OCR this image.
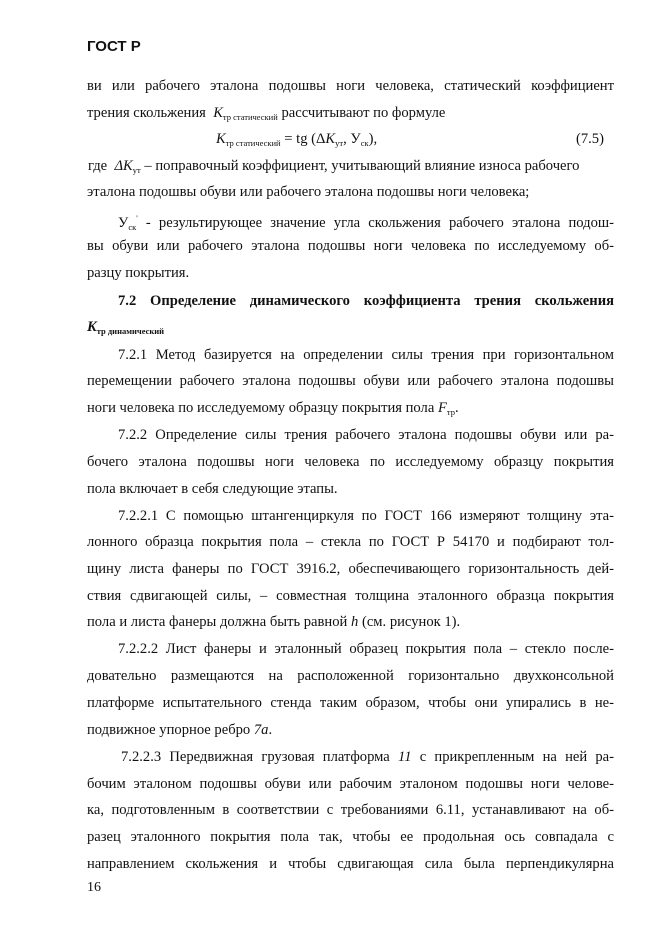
ГОСТ Р
ви или рабочего эталона подошвы ноги человека, статический коэффициент
трения скольжения $K_{тр статический}$ рассчитывают по формуле
$K_{тр статический}$ = tg ($\Delta K_{ут}$, $У_{ск}$),	(7.5)
где $\Delta K_{ут}$ – поправочный коэффициент, учитывающий влияние износа рабочего
эталона подошвы обуви или рабочего эталона подошвы ноги человека;
$У_{ск}'$ - результирующее значение угла скольжения рабочего эталона подош-
вы обуви или рабочего эталона подошвы ноги человека по исследуемому об-
разцу покрытия.
7.2 Определение динамического коэффициента трения скольжения
$K_{тр динамический}$
7.2.1 Метод базируется на определении силы трения при горизонтальном
перемещении рабочего эталона подошвы обуви или рабочего эталона подошвы
ноги человека по исследуемому образцу покрытия пола $F_{тр}$.
7.2.2 Определение силы трения рабочего эталона подошвы обуви или ра-
бочего эталона подошвы ноги человека по исследуемому образцу покрытия
пола включает в себя следующие этапы.
7.2.2.1 С помощью штангенциркуля по ГОСТ 166 измеряют толщину эта-
лонного образца покрытия пола – стекла по ГОСТ Р 54170 и подбирают тол-
щину листа фанеры по ГОСТ 3916.2, обеспечивающего горизонтальность дей-
ствия сдвигающей силы, – совместная толщина эталонного образца покрытия
пола и листа фанеры должна быть равной h (см. рисунок 1).
7.2.2.2 Лист фанеры и эталонный образец покрытия пола – стекло после-
довательно размещаются на расположенной горизонтально двухконсольной
платформе испытательного стенда таким образом, чтобы они упирались в не-
подвижное упорное ребро 7а.
7.2.2.3 Передвижная грузовая платформа 11 с прикрепленным на ней ра-
бочим эталоном подошвы обуви или рабочим эталоном подошвы ноги челове-
ка, подготовленным в соответствии с требованиями 6.11, устанавливают на об-
разец эталонного покрытия пола так, чтобы ее продольная ось совпадала с
направлением скольжения и чтобы сдвигающая сила была перпендикулярна
16
